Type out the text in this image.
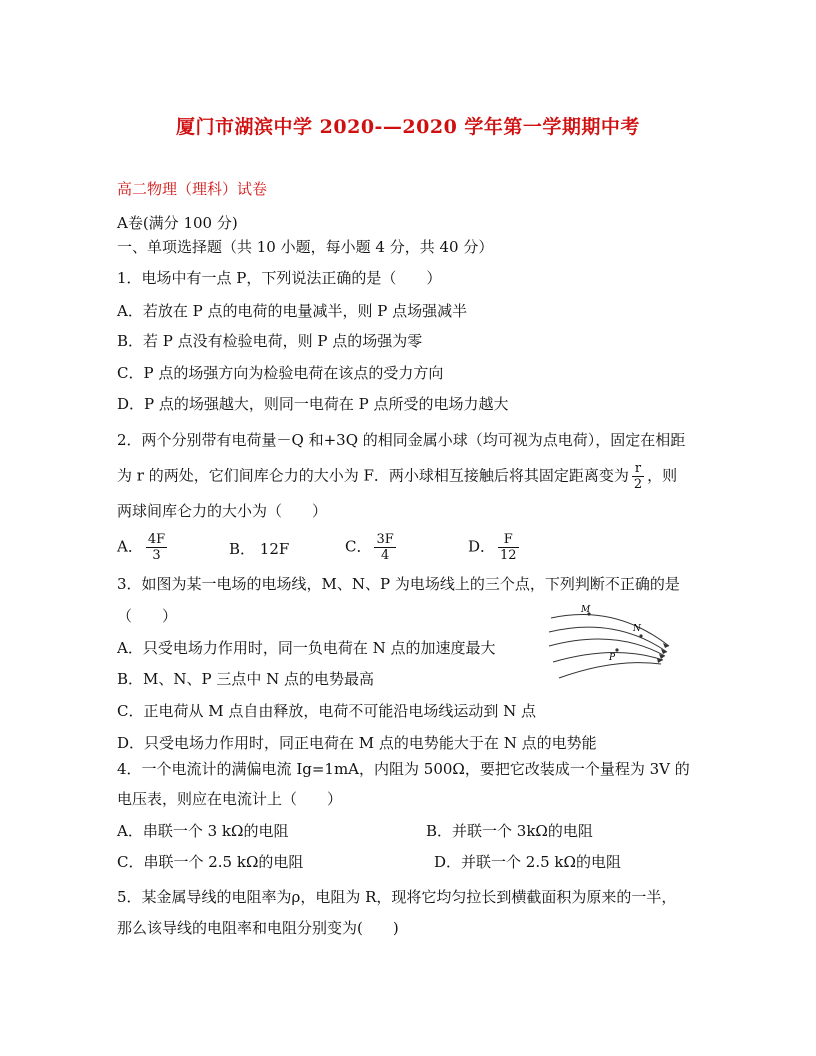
厦门市湖滨中学 2020-—2020 学年第一学期期中考
高二物理（理科）试卷
A卷(满分 100 分)
一、单项选择题（共 10 小题，每小题 4 分，共 40 分）
1．电场中有一点 P，下列说法正确的是（　　）
A．若放在 P 点的电荷的电量减半，则 P 点场强减半
B．若 P 点没有检验电荷，则 P 点的场强为零
C．P 点的场强方向为检验电荷在该点的受力方向
D．P 点的场强越大，则同一电荷在 P 点所受的电场力越大
2．两个分别带有电荷量－Q 和+3Q 的相同金属小球（均可视为点电荷），固定在相距
为 r 的两处，它们间库仑力的大小为 F．两小球相互接触后将其固定距离变为 $\frac{r}{2}$ ，则
两球间库仑力的大小为（　　）
A． $\frac{4F}{3}$	B． 12F	C． $\frac{3F}{4}$	D． $\frac{F}{12}$
3．如图为某一电场的电场线，M、N、P 为电场线上的三个点，下列判断不正确的是
（　　）
A．只受电场力作用时，同一负电荷在 N 点的加速度最大
B．M、N、P 三点中 N 点的电势最高
C．正电荷从 M 点自由释放，电荷不可能沿电场线运动到 N 点
D．只受电场力作用时，同正电荷在 M 点的电势能大于在 N 点的电势能
M
N
P
4．一个电流计的满偏电流 Ig=1mA，内阻为 500Ω，要把它改装成一个量程为 3V 的
电压表，则应在电流计上（　　）
A．串联一个 3 kΩ的电阻	B．并联一个 3kΩ的电阻
C．串联一个 2.5 kΩ的电阻	D．并联一个 2.5 kΩ的电阻
5．某金属导线的电阻率为ρ，电阻为 R，现将它均匀拉长到横截面积为原来的一半，
那么该导线的电阻率和电阻分别变为(　　)
